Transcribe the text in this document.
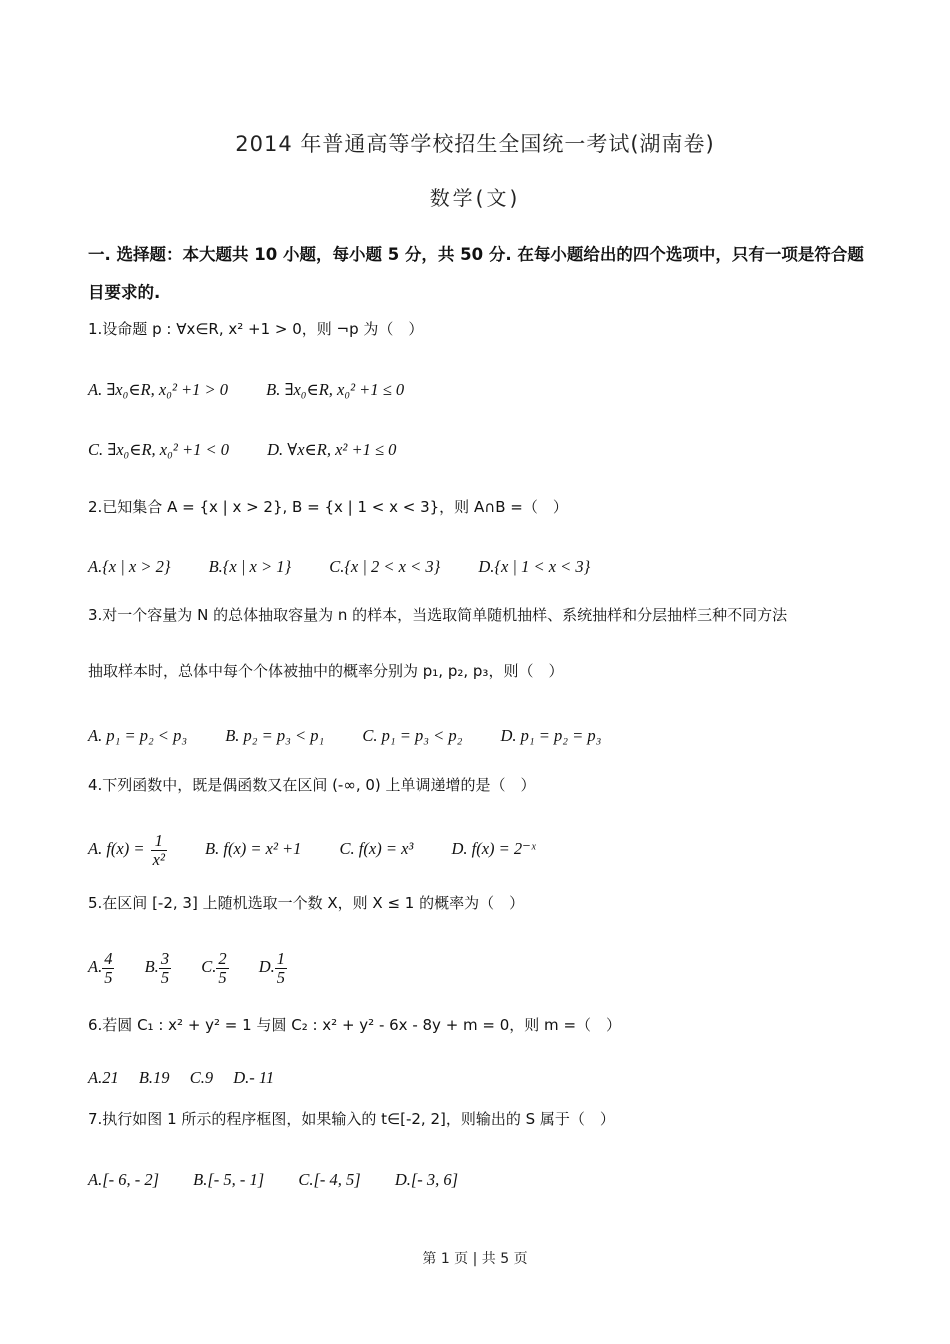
2014 年普通高等学校招生全国统一考试(湖南卷)
数学(文)
一. 选择题：本大题共 10 小题，每小题 5 分，共 50 分. 在每小题给出的四个选项中，只有一项是符合题目要求的.
1.设命题 p : ∀x∈R, x² +1 > 0，则 ¬p 为（　）
A. ∃x₀∈R, x₀² +1 > 0 B. ∃x₀∈R, x₀² +1 ≤ 0
C. ∃x₀∈R, x₀² +1 < 0 D. ∀x∈R, x² +1 ≤ 0
2.已知集合 A = {x | x > 2}, B = {x | 1 < x < 3}，则 A∩B =（　）
A.{x | x > 2} B.{x | x > 1} C.{x | 2 < x < 3} D.{x | 1 < x < 3}
3.对一个容量为 N 的总体抽取容量为 n 的样本，当选取简单随机抽样、系统抽样和分层抽样三种不同方法
抽取样本时，总体中每个个体被抽中的概率分别为 p₁, p₂, p₃，则（　）
A. p₁ = p₂ < p₃ B. p₂ = p₃ < p₁ C. p₁ = p₃ < p₂ D. p₁ = p₂ = p₃
4.下列函数中，既是偶函数又在区间 (-∞, 0) 上单调递增的是（　）
A. $f(x) = \frac{1}{\text{x²}} B$. f(x) = x² +1 C. f(x) = x³ D. f(x) = 2⁻ˣ
5.在区间 [-2, 3] 上随机选取一个数 X，则 X ≤ 1 的概率为（　）
A. $\frac{4}{5} B$. $\frac{3}{5} C$. $\frac{2}{5} D$. $\frac{1}{5}$
6.若圆 C₁ : x² + y² = 1 与圆 C₂ : x² + y² - 6x - 8y + m = 0，则 m =（　）
A.21 B.19 C.9 D.- 11
7.执行如图 1 所示的程序框图，如果输入的 t∈[-2, 2]，则输出的 S 属于（　）
A.[- 6, - 2] B.[- 5, - 1] C.[- 4, 5] D.[- 3, 6]
第 1 页 | 共 5 页
